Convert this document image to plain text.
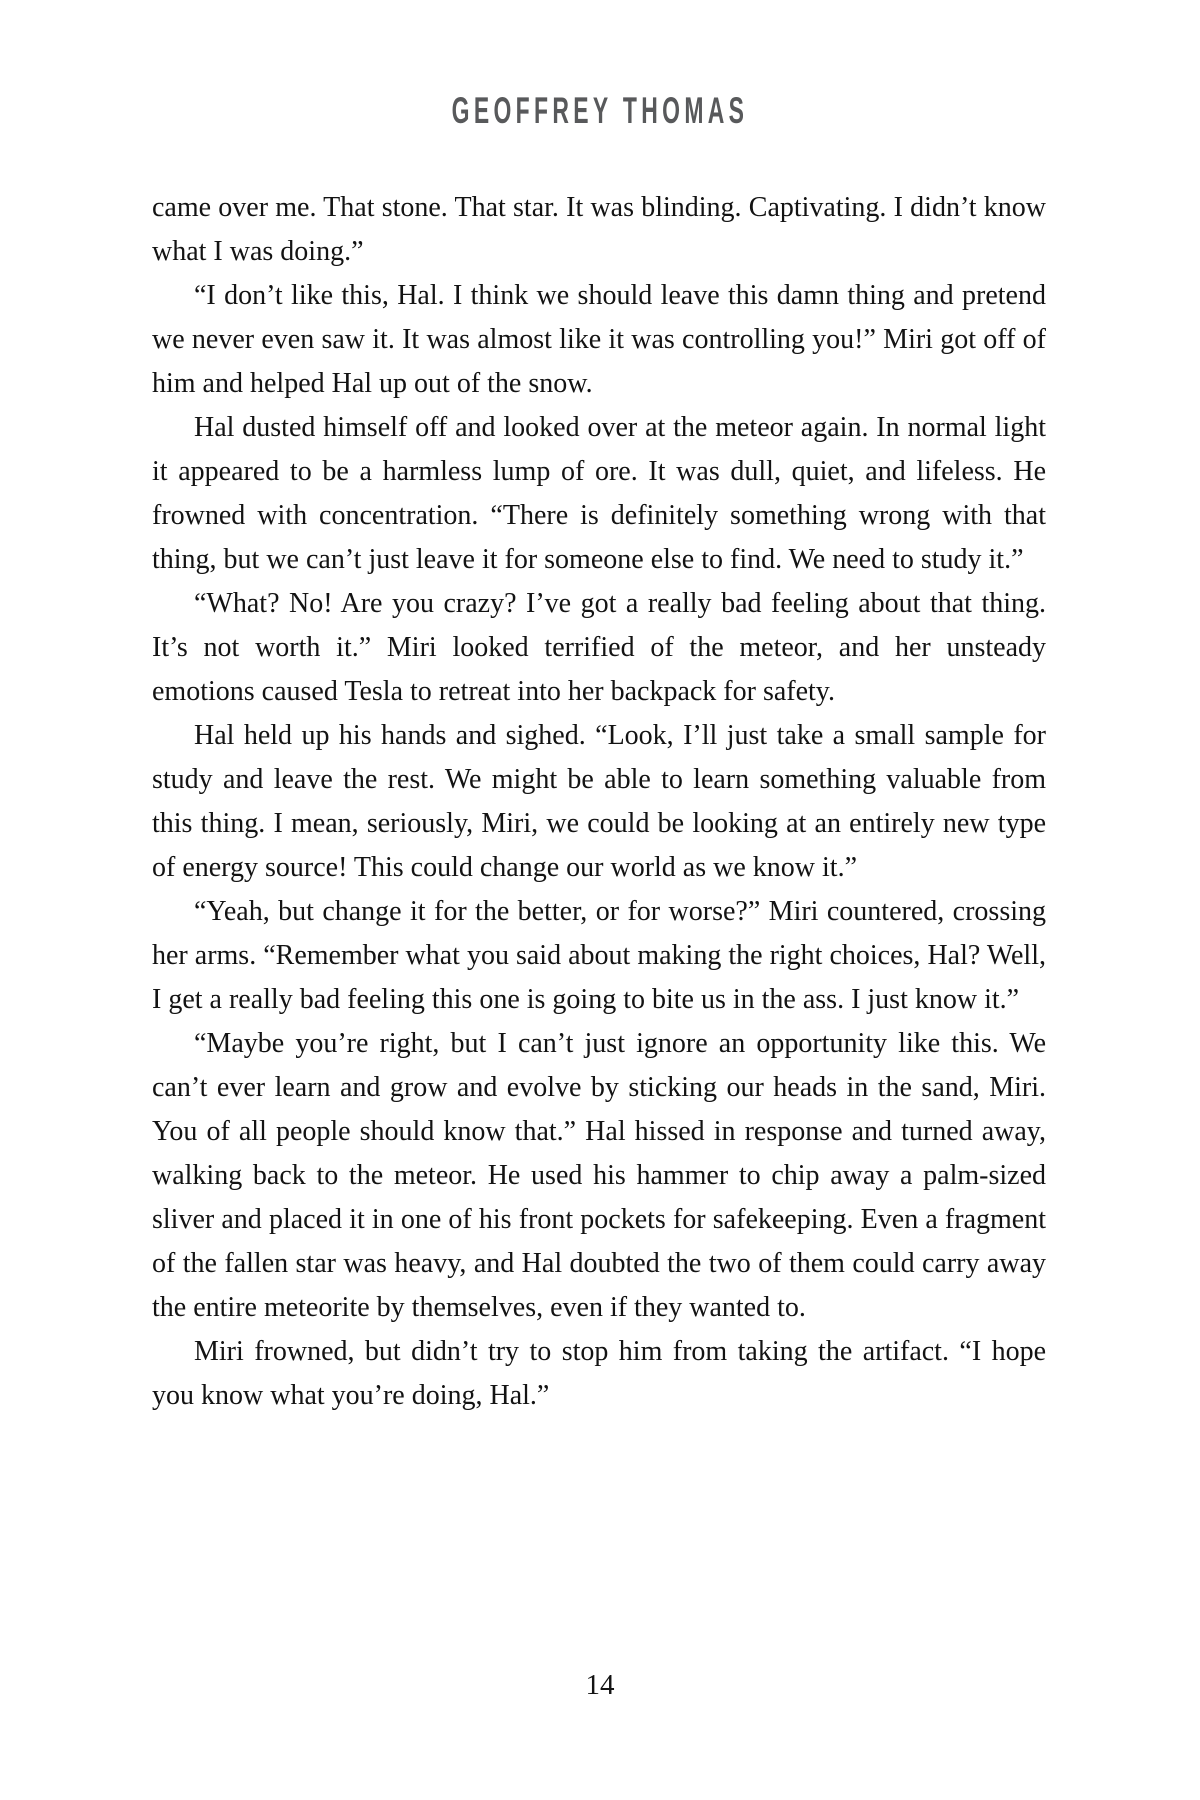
GEOFFREY THOMAS

came over me. That stone. That star. It was blinding. Captivating. I didn’t know what I was doing.”

“I don’t like this, Hal. I think we should leave this damn thing and pretend we never even saw it. It was almost like it was controlling you!” Miri got off of him and helped Hal up out of the snow.

Hal dusted himself off and looked over at the meteor again. In normal light it appeared to be a harmless lump of ore. It was dull, quiet, and lifeless. He frowned with concentration. “There is definitely something wrong with that thing, but we can’t just leave it for someone else to find. We need to study it.”

“What? No! Are you crazy? I’ve got a really bad feeling about that thing. It’s not worth it.” Miri looked terrified of the meteor, and her unsteady emotions caused Tesla to retreat into her backpack for safety.

Hal held up his hands and sighed. “Look, I’ll just take a small sample for study and leave the rest. We might be able to learn something valuable from this thing. I mean, seriously, Miri, we could be looking at an entirely new type of energy source! This could change our world as we know it.”

“Yeah, but change it for the better, or for worse?” Miri countered, crossing her arms. “Remember what you said about making the right choices, Hal? Well, I get a really bad feeling this one is going to bite us in the ass. I just know it.”

“Maybe you’re right, but I can’t just ignore an opportunity like this. We can’t ever learn and grow and evolve by sticking our heads in the sand, Miri. You of all people should know that.” Hal hissed in response and turned away, walking back to the meteor. He used his hammer to chip away a palm-sized sliver and placed it in one of his front pockets for safekeeping. Even a fragment of the fallen star was heavy, and Hal doubted the two of them could carry away the entire meteorite by themselves, even if they wanted to.

Miri frowned, but didn’t try to stop him from taking the artifact. “I hope you know what you’re doing, Hal.”

14
